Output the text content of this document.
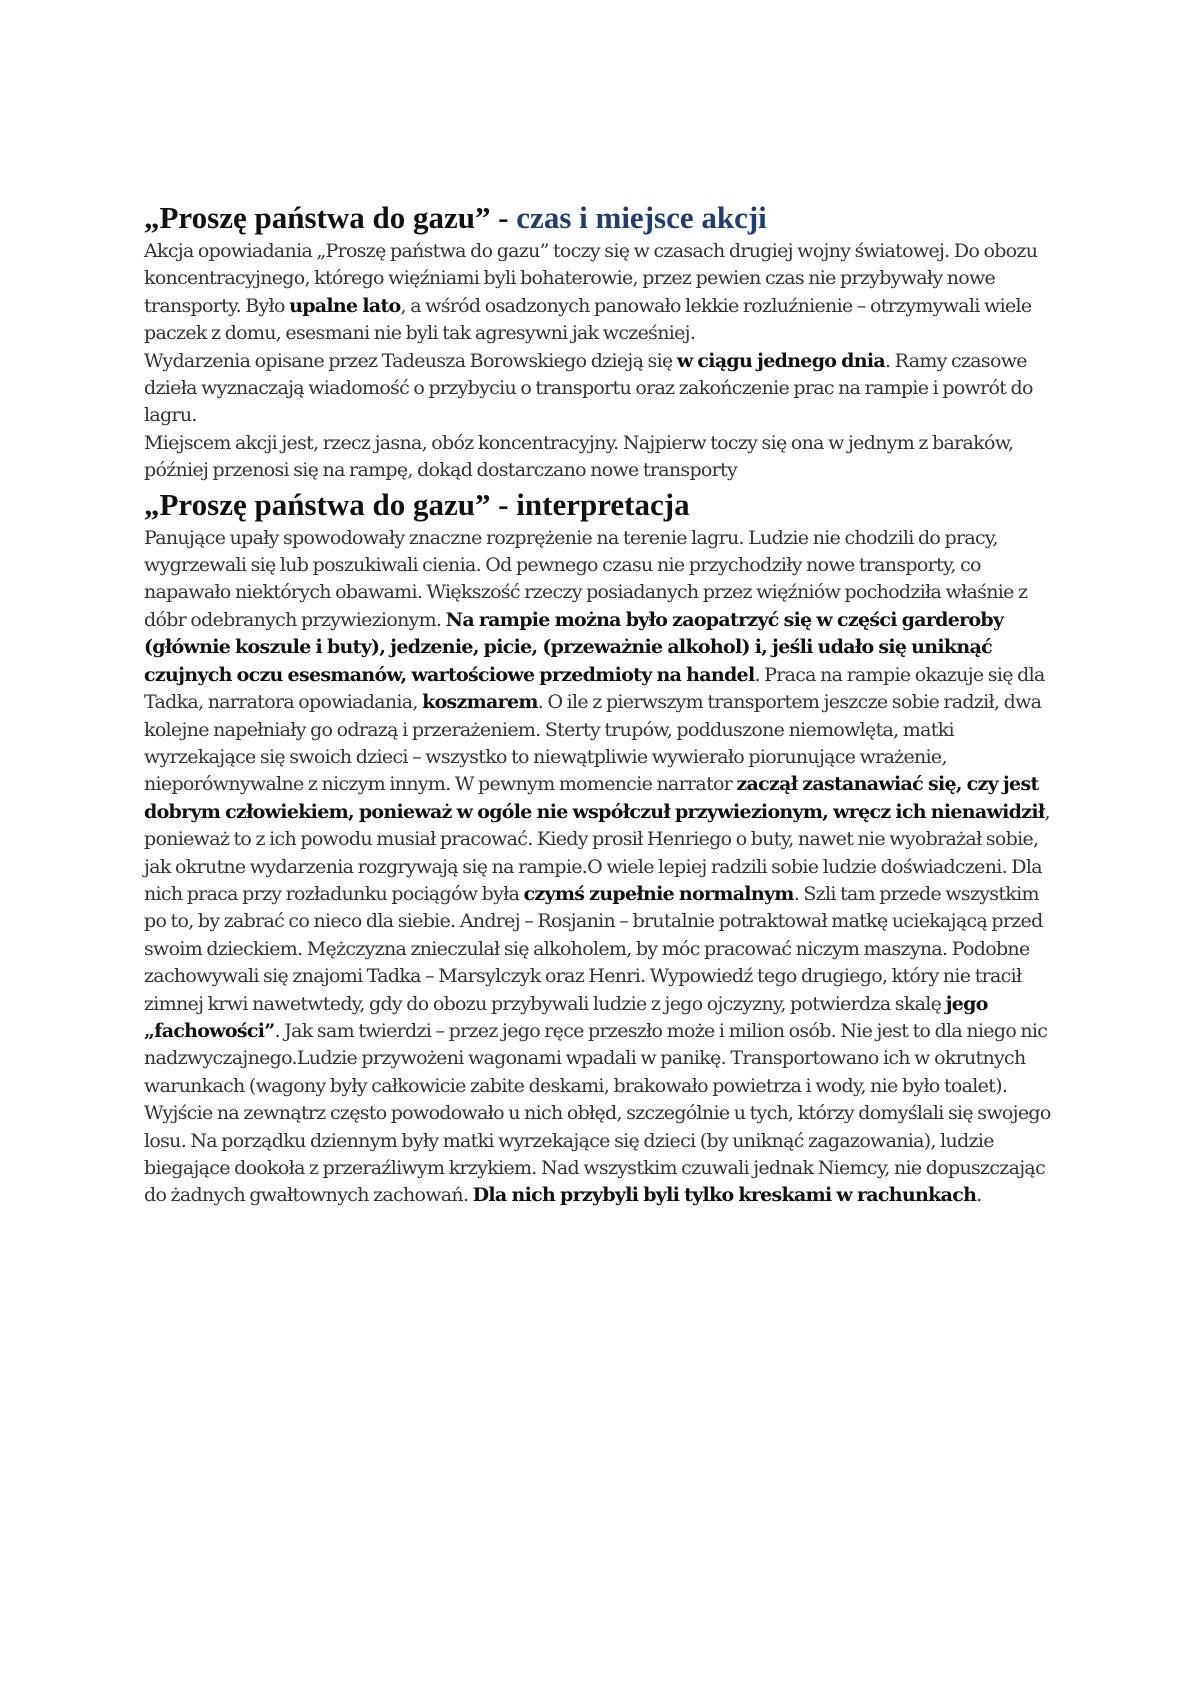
„Proszę państwa do gazu” - czas i miejsce akcji

Akcja opowiadania „Proszę państwa do gazu” toczy się w czasach drugiej wojny światowej. Do obozu koncentracyjnego, którego więźniami byli bohaterowie, przez pewien czas nie przybywały nowe transporty. Było upalne lato, a wśród osadzonych panowało lekkie rozluźnienie – otrzymywali wiele paczek z domu, esesmani nie byli tak agresywni jak wcześniej.

Wydarzenia opisane przez Tadeusza Borowskiego dzieją się w ciągu jednego dnia. Ramy czasowe dzieła wyznaczają wiadomość o przybyciu o transportu oraz zakończenie prac na rampie i powrót do lagru.

Miejscem akcji jest, rzecz jasna, obóz koncentracyjny. Najpierw toczy się ona w jednym z baraków, później przenosi się na rampę, dokąd dostarczano nowe transporty

„Proszę państwa do gazu” - interpretacja

Panujące upały spowodowały znaczne rozprężenie na terenie lagru. Ludzie nie chodzili do pracy, wygrzewali się lub poszukiwali cienia. Od pewnego czasu nie przychodziły nowe transporty, co napawało niektórych obawami. Większość rzeczy posiadanych przez więźniów pochodziła właśnie z dóbr odebranych przywiezionym. Na rampie można było zaopatrzyć się w części garderoby (głównie koszule i buty), jedzenie, picie, (przeważnie alkohol) i, jeśli udało się uniknąć czujnych oczu esesmanów, wartościowe przedmioty na handel. Praca na rampie okazuje się dla Tadka, narratora opowiadania, koszmarem. O ile z pierwszym transportem jeszcze sobie radził, dwa kolejne napełniały go odrazą i przerażeniem. Sterty trupów, podduszone niemowlęta, matki wyrzekające się swoich dzieci – wszystko to niewątpliwie wywierało piorunujące wrażenie, nieporównywalne z niczym innym. W pewnym momencie narrator zaczął zastanawiać się, czy jest dobrym człowiekiem, ponieważ w ogóle nie współczuł przywiezionym, wręcz ich nienawidził, ponieważ to z ich powodu musiał pracować. Kiedy prosił Henriego o buty, nawet nie wyobrażał sobie, jak okrutne wydarzenia rozgrywają się na rampie.O wiele lepiej radzili sobie ludzie doświadczeni. Dla nich praca przy rozładunku pociągów była czymś zupełnie normalnym. Szli tam przede wszystkim po to, by zabrać co nieco dla siebie. Andrej – Rosjanin – brutalnie potraktował matkę uciekającą przed swoim dzieckiem. Mężczyzna znieczulał się alkoholem, by móc pracować niczym maszyna. Podobne zachowywali się znajomi Tadka – Marsylczyk oraz Henri. Wypowiedź tego drugiego, który nie tracił zimnej krwi nawetwtedy, gdy do obozu przybywali ludzie z jego ojczyzny, potwierdza skalę jego „fachowości”. Jak sam twierdzi – przez jego ręce przeszło może i milion osób. Nie jest to dla niego nic nadzwyczajnego.Ludzie przywożeni wagonami wpadali w panikę. Transportowano ich w okrutnych warunkach (wagony były całkowicie zabite deskami, brakowało powietrza i wody, nie było toalet). Wyjście na zewnątrz często powodowało u nich obłęd, szczególnie u tych, którzy domyślali się swojego losu. Na porządku dziennym były matki wyrzekające się dzieci (by uniknąć zagazowania), ludzie biegające dookoła z przeraźliwym krzykiem. Nad wszystkim czuwali jednak Niemcy, nie dopuszczając do żadnych gwałtownych zachowań. Dla nich przybyli byli tylko kreskami w rachunkach.
